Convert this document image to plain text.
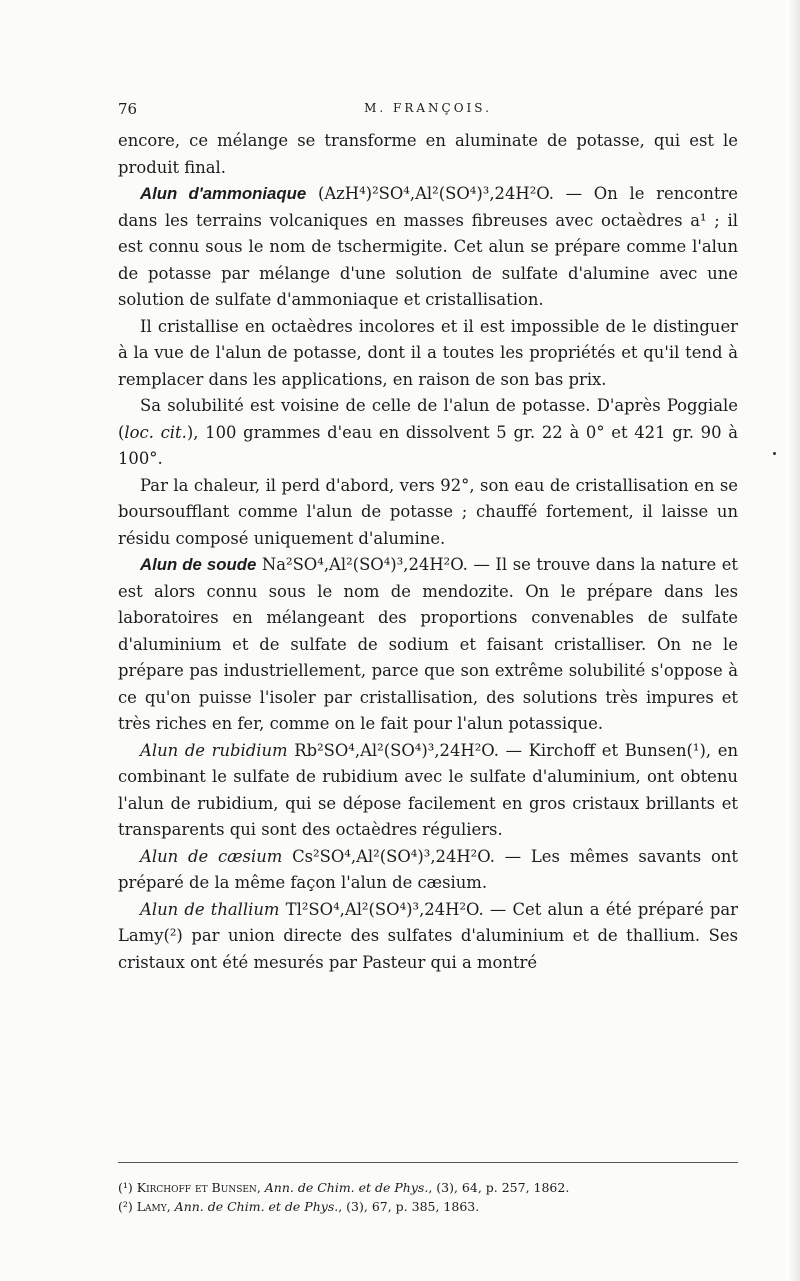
76	M. FRANÇOIS.

encore, ce mélange se transforme en aluminate de potasse, qui est le produit final.

Alun d'ammoniaque (AzH⁴)²SO⁴,Al²(SO⁴)³,24H²O. — On le rencontre dans les terrains volcaniques en masses fibreuses avec octaèdres a¹ ; il est connu sous le nom de tschermigite. Cet alun se prépare comme l'alun de potasse par mélange d'une solution de sulfate d'alumine avec une solution de sulfate d'ammoniaque et cristallisation.

Il cristallise en octaèdres incolores et il est impossible de le distinguer à la vue de l'alun de potasse, dont il a toutes les propriétés et qu'il tend à remplacer dans les applications, en raison de son bas prix.

Sa solubilité est voisine de celle de l'alun de potasse. D'après Poggiale (loc. cit.), 100 grammes d'eau en dissolvent 5 gr. 22 à 0° et 421 gr. 90 à 100°.

Par la chaleur, il perd d'abord, vers 92°, son eau de cristallisation en se boursoufflant comme l'alun de potasse ; chauffé fortement, il laisse un résidu composé uniquement d'alumine.

Alun de soude Na²SO⁴,Al²(SO⁴)³,24H²O. — Il se trouve dans la nature et est alors connu sous le nom de mendozite. On le prépare dans les laboratoires en mélangeant des proportions convenables de sulfate d'aluminium et de sulfate de sodium et faisant cristalliser. On ne le prépare pas industriellement, parce que son extrême solubilité s'oppose à ce qu'on puisse l'isoler par cristallisation, des solutions très impures et très riches en fer, comme on le fait pour l'alun potassique.

Alun de rubidium Rb²SO⁴,Al²(SO⁴)³,24H²O. — Kirchoff et Bunsen(¹), en combinant le sulfate de rubidium avec le sulfate d'aluminium, ont obtenu l'alun de rubidium, qui se dépose facilement en gros cristaux brillants et transparents qui sont des octaèdres réguliers.

Alun de cæsium Cs²SO⁴,Al²(SO⁴)³,24H²O. — Les mêmes savants ont préparé de la même façon l'alun de cæsium.

Alun de thallium Tl²SO⁴,Al²(SO⁴)³,24H²O. — Cet alun a été préparé par Lamy(²) par union directe des sulfates d'aluminium et de thallium. Ses cristaux ont été mesurés par Pasteur qui a montré

(¹) Kirchoff et Bunsen, Ann. de Chim. et de Phys., (3), 64, p. 257, 1862.

(²) Lamy, Ann. de Chim. et de Phys., (3), 67, p. 385, 1863.
